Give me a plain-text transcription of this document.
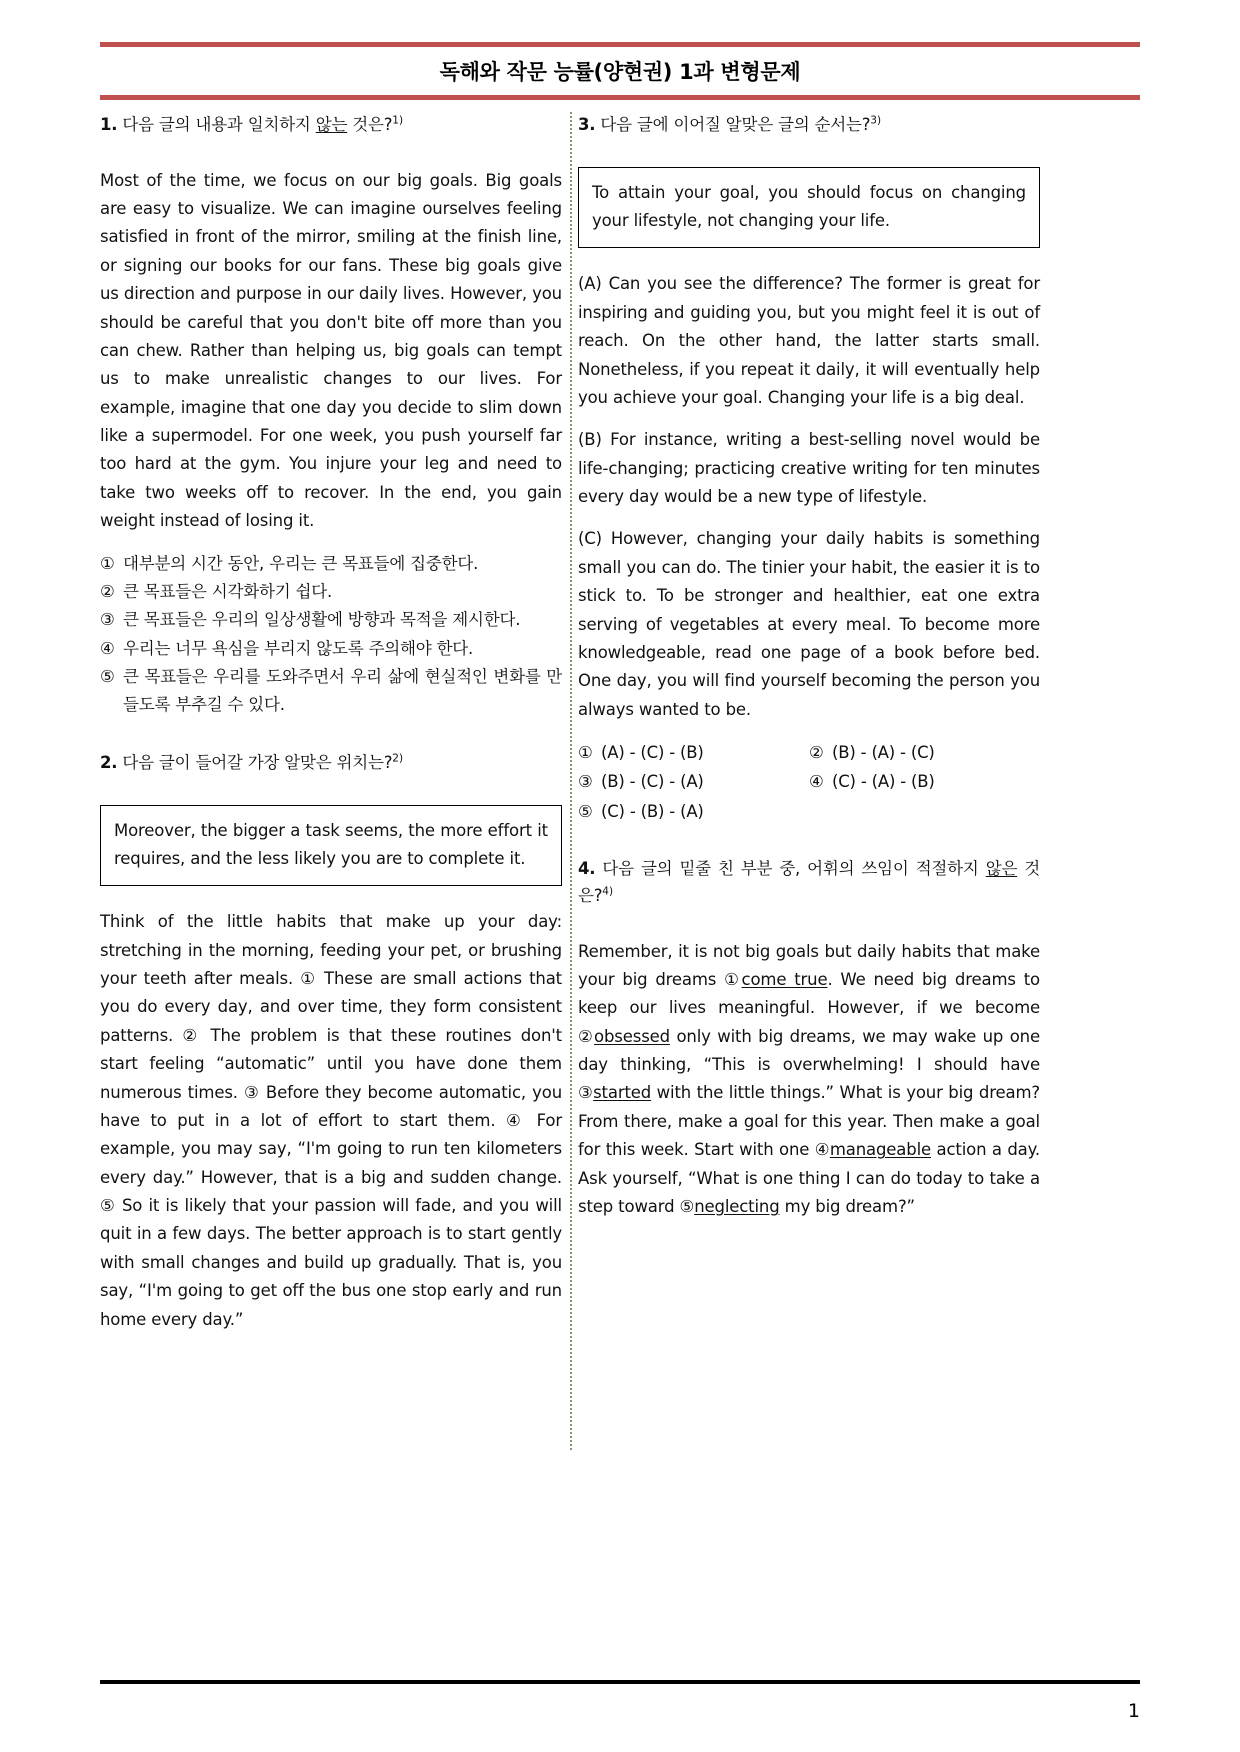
독해와 작문 능률(양현권) 1과 변형문제
1. 다음 글의 내용과 일치하지 않는 것은?$^{1)}$

Most of the time, we focus on our big goals. Big goals are easy to visualize. We can imagine ourselves feeling satisfied in front of the mirror, smiling at the finish line, or signing our books for our fans. These big goals give us direction and purpose in our daily lives. However, you should be careful that you don't bite off more than you can chew. Rather than helping us, big goals can tempt us to make unrealistic changes to our lives. For example, imagine that one day you decide to slim down like a supermodel. For one week, you push yourself far too hard at the gym. You injure your leg and need to take two weeks off to recover. In the end, you gain weight instead of losing it.

① 대부분의 시간 동안, 우리는 큰 목표들에 집중한다.
② 큰 목표들은 시각화하기 쉽다.
③ 큰 목표들은 우리의 일상생활에 방향과 목적을 제시한다.
④ 우리는 너무 욕심을 부리지 않도록 주의해야 한다.
⑤ 큰 목표들은 우리를 도와주면서 우리 삶에 현실적인 변화를 만들도록 부추길 수 있다.
2. 다음 글이 들어갈 가장 알맞은 위치는?$^{2)}$
Moreover, the bigger a task seems, the more effort it requires, and the less likely you are to complete it.

Think of the little habits that make up your day: stretching in the morning, feeding your pet, or brushing your teeth after meals. ① These are small actions that you do every day, and over time, they form consistent patterns. ② The problem is that these routines don't start feeling “automatic” until you have done them numerous times. ③ Before they become automatic, you have to put in a lot of effort to start them. ④ For example, you may say, “I'm going to run ten kilometers every day.” However, that is a big and sudden change. ⑤ So it is likely that your passion will fade, and you will quit in a few days. The better approach is to start gently with small changes and build up gradually. That is, you say, “I'm going to get off the bus one stop early and run home every day.”

3. 다음 글에 이어질 알맞은 글의 순서는?$^{3)}$
To attain your goal, you should focus on changing your lifestyle, not changing your life.

(A) Can you see the difference? The former is great for inspiring and guiding you, but you might feel it is out of reach. On the other hand, the latter starts small. Nonetheless, if you repeat it daily, it will eventually help you achieve your goal. Changing your life is a big deal.

(B) For instance, writing a best-selling novel would be life-changing; practicing creative writing for ten minutes every day would be a new type of lifestyle.

(C) However, changing your daily habits is something small you can do. The tinier your habit, the easier it is to stick to. To be stronger and healthier, eat one extra serving of vegetables at every meal. To become more knowledgeable, read one page of a book before bed. One day, you will find yourself becoming the person you always wanted to be.

① (A) - (C) - (B)	② (B) - (A) - (C)
③ (B) - (C) - (A)	④ (C) - (A) - (B)
⑤ (C) - (B) - (A)
4. 다음 글의 밑줄 친 부분 중, 어휘의 쓰임이 적절하지 않은 것은?$^{4)}$

Remember, it is not big goals but daily habits that make your big dreams ①come true. We need big dreams to keep our lives meaningful. However, if we become ②obsessed only with big dreams, we may wake up one day thinking, “This is overwhelming! I should have ③started with the little things.” What is your big dream? From there, make a goal for this year. Then make a goal for this week. Start with one ④manageable action a day. Ask yourself, “What is one thing I can do today to take a step toward ⑤neglecting my big dream?”

1
